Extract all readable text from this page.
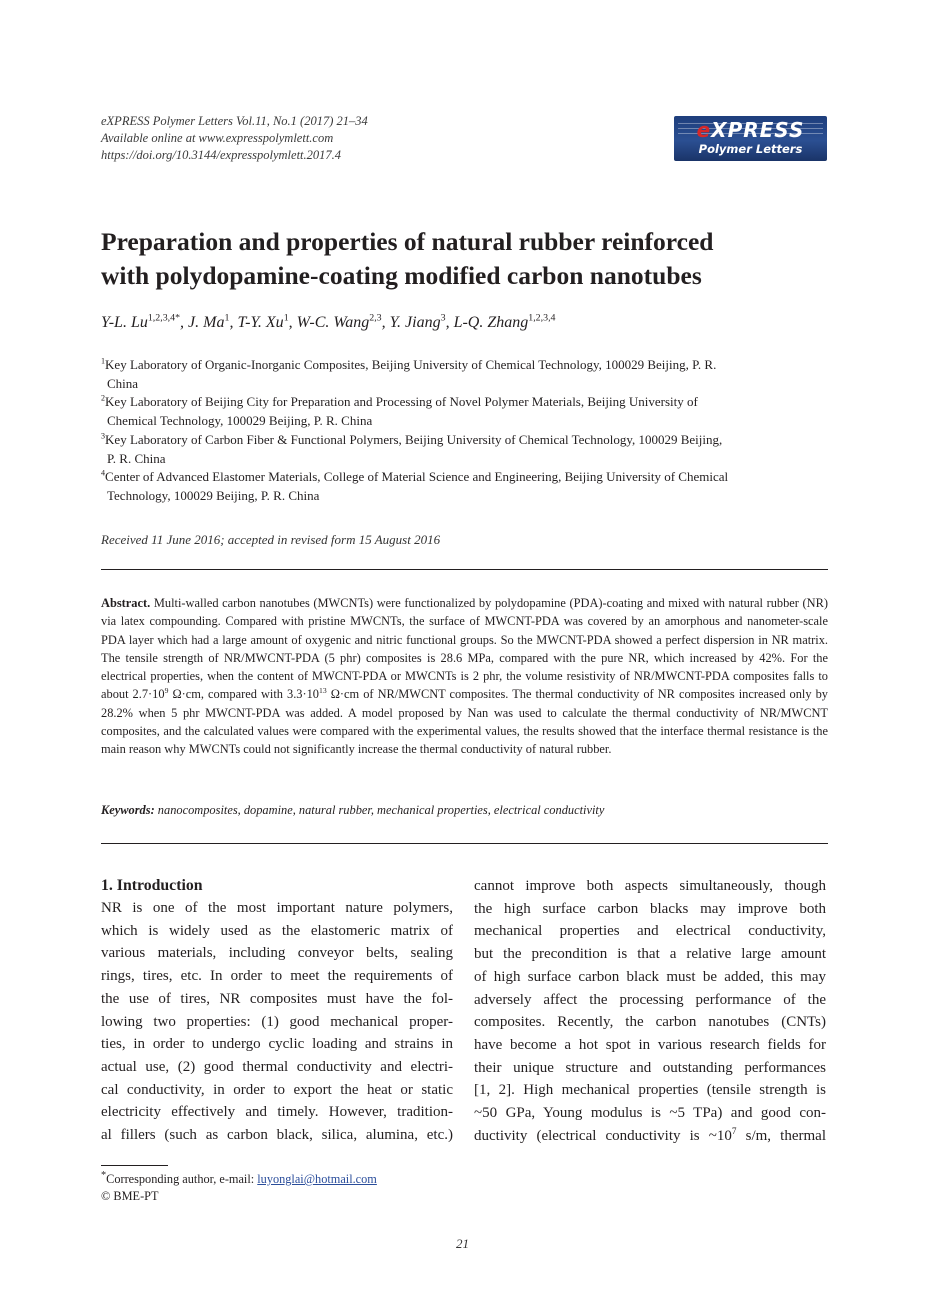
eXPRESS Polymer Letters Vol.11, No.1 (2017) 21–34
Available online at www.expresspolymlett.com
https://doi.org/10.3144/expresspolymlett.2017.4
eXPRESS
Polymer Letters
Preparation and properties of natural rubber reinforced
with polydopamine-coating modified carbon nanotubes
Y-L. $Lu^{1,2,3,4*}$, J. Ma$^1$, T-Y. Xu$^1$, W-C. Wang$^{2,3}$, Y. Jiang$^3$, L-Q. Zhang$^{1,2,3,4}$
$^1$Key Laboratory of Organic-Inorganic Composites, Beijing University of Chemical Technology, 100029 Beijing, P. R.
China
$^2$Key Laboratory of Beijing City for Preparation and Processing of Novel Polymer Materials, Beijing University of
Chemical Technology, 100029 Beijing, P. R. China
$^3$Key Laboratory of Carbon Fiber & Functional Polymers, Beijing University of Chemical Technology, 100029 Beijing,
P. R. China
$^4$Center of Advanced Elastomer Materials, College of Material Science and Engineering, Beijing University of Chemical
Technology, 100029 Beijing, P. R. China
Received 11 June 2016; accepted in revised form 15 August 2016
Abstract. Multi-walled carbon nanotubes (MWCNTs) were functionalized by polydopamine (PDA)-coating and mixed with natural rubber (NR) via latex compounding. Compared with pristine MWCNTs, the surface of MWCNT-PDA was covered by an amorphous and nanometer-scale PDA layer which had a large amount of oxygenic and nitric functional groups. So the MWCNT-PDA showed a perfect dispersion in NR matrix. The tensile strength of NR/MWCNT-PDA (5 phr) composites is 28.6 MPa, compared with the pure NR, which increased by 42%. For the electrical properties, when the content of MWCNT-PDA or MWCNTs is 2 phr, the volume resistivity of NR/MWCNT-PDA composites falls to about $2.7\cdot 10^9$ Ω·cm, compared with $3.3\cdot 10^{13}$ Ω·cm of NR/MWCNT composites. The thermal conductivity of NR composites increased only by 28.2% when 5 phr MWCNT-PDA was added. A model proposed by Nan was used to calculate the thermal conductivity of NR/MWCNT composites, and the calculated values were compared with the experimental values, the results showed that the interface thermal resistance is the main reason why MWCNTs could not significantly increase the thermal conductivity of natural rubber.
Keywords: nanocomposites, dopamine, natural rubber, mechanical properties, electrical conductivity
1. Introduction
NR is one of the most important nature polymers,
which is widely used as the elastomeric matrix of
various materials, including conveyor belts, sealing
rings, tires, etc. In order to meet the requirements of
the use of tires, NR composites must have the fol-
lowing two properties: (1) good mechanical proper-
ties, in order to undergo cyclic loading and strains in
actual use, (2) good thermal conductivity and electri-
cal conductivity, in order to export the heat or static
electricity effectively and timely. However, tradition-
al fillers (such as carbon black, silica, alumina, etc.)
cannot improve both aspects simultaneously, though
the high surface carbon blacks may improve both
mechanical properties and electrical conductivity,
but the precondition is that a relative large amount
of high surface carbon black must be added, this may
adversely affect the processing performance of the
composites. Recently, the carbon nanotubes (CNTs)
have become a hot spot in various research fields for
their unique structure and outstanding performances
[1, 2]. High mechanical properties (tensile strength is
~50 GPa, Young modulus is ~5 TPa) and good con-
ductivity (electrical conductivity is $\sim 10^7$ s/m, thermal
*Corresponding author, e-mail: luyonglai@hotmail.com
© BME-PT
21
